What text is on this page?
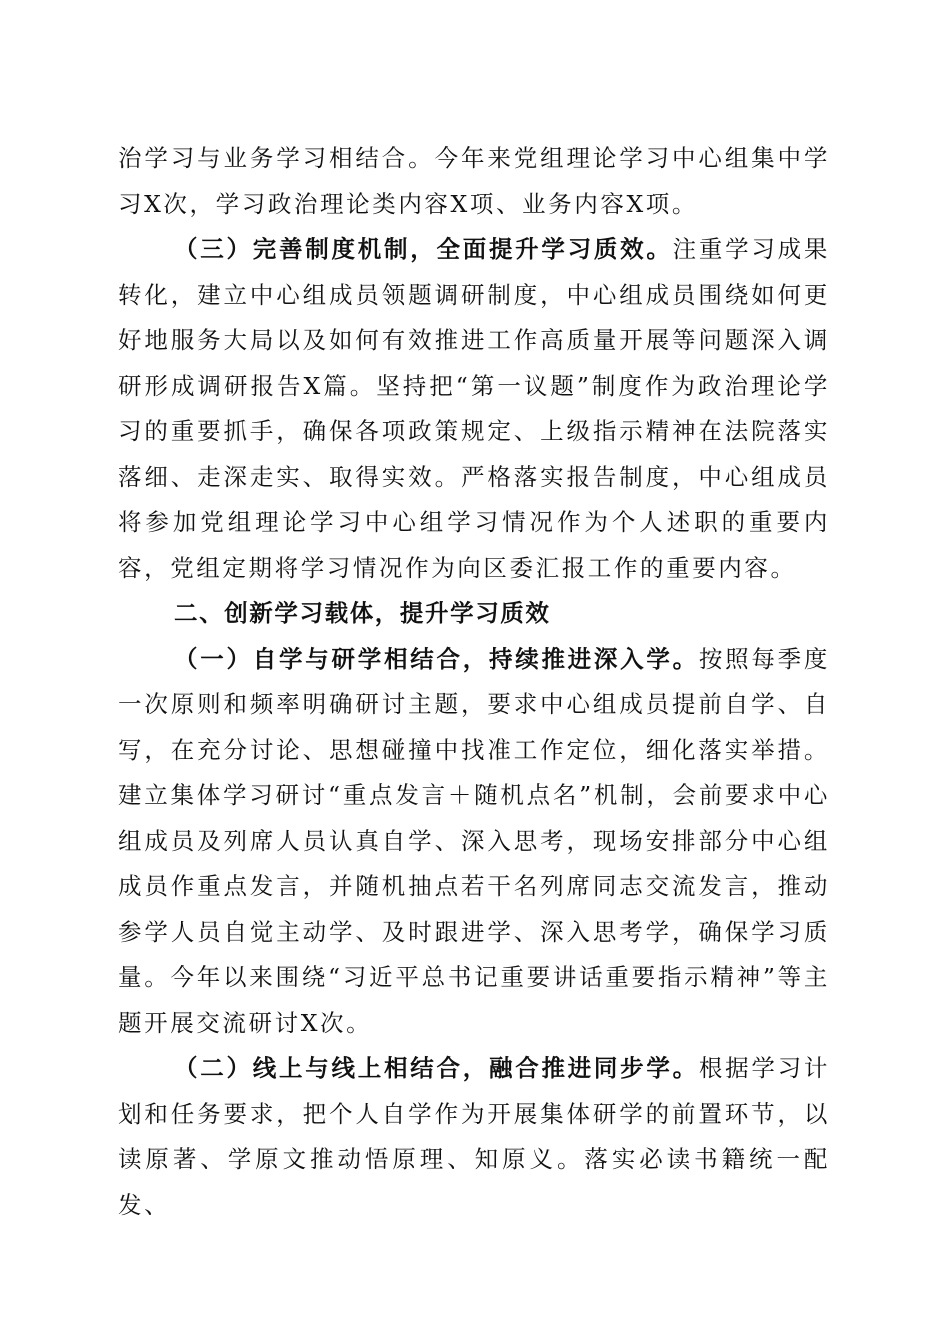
治学习与业务学习相结合。今年来党组理论学习中心组集中学习X次，学习政治理论类内容X项、业务内容X项。

（三）完善制度机制，全面提升学习质效。注重学习成果转化，建立中心组成员领题调研制度，中心组成员围绕如何更好地服务大局以及如何有效推进工作高质量开展等问题深入调研形成调研报告X篇。坚持把“第一议题”制度作为政治理论学习的重要抓手，确保各项政策规定、上级指示精神在法院落实落细、走深走实、取得实效。严格落实报告制度，中心组成员将参加党组理论学习中心组学习情况作为个人述职的重要内容，党组定期将学习情况作为向区委汇报工作的重要内容。

二、创新学习载体，提升学习质效

（一）自学与研学相结合，持续推进深入学。按照每季度一次原则和频率明确研讨主题，要求中心组成员提前自学、自写，在充分讨论、思想碰撞中找准工作定位，细化落实举措。建立集体学习研讨“重点发言＋随机点名”机制，会前要求中心组成员及列席人员认真自学、深入思考，现场安排部分中心组成员作重点发言，并随机抽点若干名列席同志交流发言，推动参学人员自觉主动学、及时跟进学、深入思考学，确保学习质量。今年以来围绕“习近平总书记重要讲话重要指示精神”等主题开展交流研讨X次。

（二）线上与线上相结合，融合推进同步学。根据学习计划和任务要求，把个人自学作为开展集体研学的前置环节，以读原著、学原文推动悟原理、知原义。落实必读书籍统一配发、
